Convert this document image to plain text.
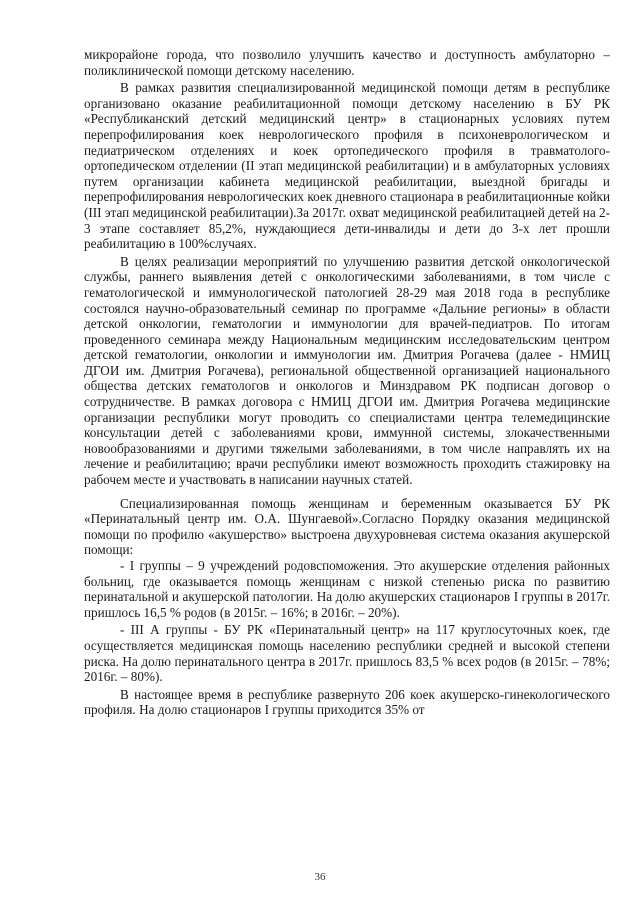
микрорайоне города, что позволило улучшить качество и доступность амбулаторно – поликлинической помощи детскому населению.

В рамках развития специализированной медицинской помощи детям в республике организовано оказание реабилитационной помощи детскому населению в БУ РК «Республиканский детский медицинский центр» в стационарных условиях путем перепрофилирования коек неврологического профиля в психоневрологическом и педиатрическом отделениях и коек ортопедического профиля в травматолого-ортопедическом отделении (II этап медицинской реабилитации) и в амбулаторных условиях путем организации кабинета медицинской реабилитации, выездной бригады и перепрофилирования неврологических коек дневного стационара в реабилитационные койки (III этап медицинской реабилитации).За 2017г. охват медицинской реабилитацией детей на 2-3 этапе составляет 85,2%, нуждающиеся дети-инвалиды и дети до 3-х лет прошли реабилитацию в 100%случаях.

В целях реализации мероприятий по улучшению развития детской онкологической службы, раннего выявления детей с онкологическими заболеваниями, в том числе с гематологической и иммунологической патологией 28-29 мая 2018 года в республике состоялся научно-образовательный семинар по программе «Дальние регионы» в области детской онкологии, гематологии и иммунологии для врачей-педиатров. По итогам проведенного семинара между Национальным медицинским исследовательским центром детской гематологии, онкологии и иммунологии им. Дмитрия Рогачева (далее - НМИЦ ДГОИ им. Дмитрия Рогачева), региональной общественной организацией национального общества детских гематологов и онкологов и Минздравом РК подписан договор о сотрудничестве. В рамках договора с НМИЦ ДГОИ им. Дмитрия Рогачева медицинские организации республики могут проводить со специалистами центра телемедицинские консультации детей с заболеваниями крови, иммунной системы, злокачественными новообразованиями и другими тяжелыми заболеваниями, в том числе направлять их на лечение и реабилитацию; врачи республики имеют возможность проходить стажировку на рабочем месте и участвовать в написании научных статей.

Специализированная помощь женщинам и беременным оказывается БУ РК «Перинатальный центр им. О.А. Шунгаевой».Согласно Порядку оказания медицинской помощи по профилю «акушерство» выстроена двухуровневая система оказания акушерской помощи:

- I группы – 9 учреждений родовспоможения. Это акушерские отделения районных больниц, где оказывается помощь женщинам с низкой степенью риска по развитию перинатальной и акушерской патологии. На долю акушерских стационаров I группы в 2017г. пришлось 16,5 % родов (в 2015г. – 16%; в 2016г. – 20%).

- III А группы - БУ РК «Перинатальный центр» на 117 круглосуточных коек, где осуществляется медицинская помощь населению республики средней и высокой степени риска. На долю перинатального центра в 2017г. пришлось 83,5 % всех родов (в 2015г. – 78%; 2016г. – 80%).

В настоящее время в республике развернуто 206 коек акушерско-гинекологического профиля. На долю стационаров I группы приходится 35% от

36
